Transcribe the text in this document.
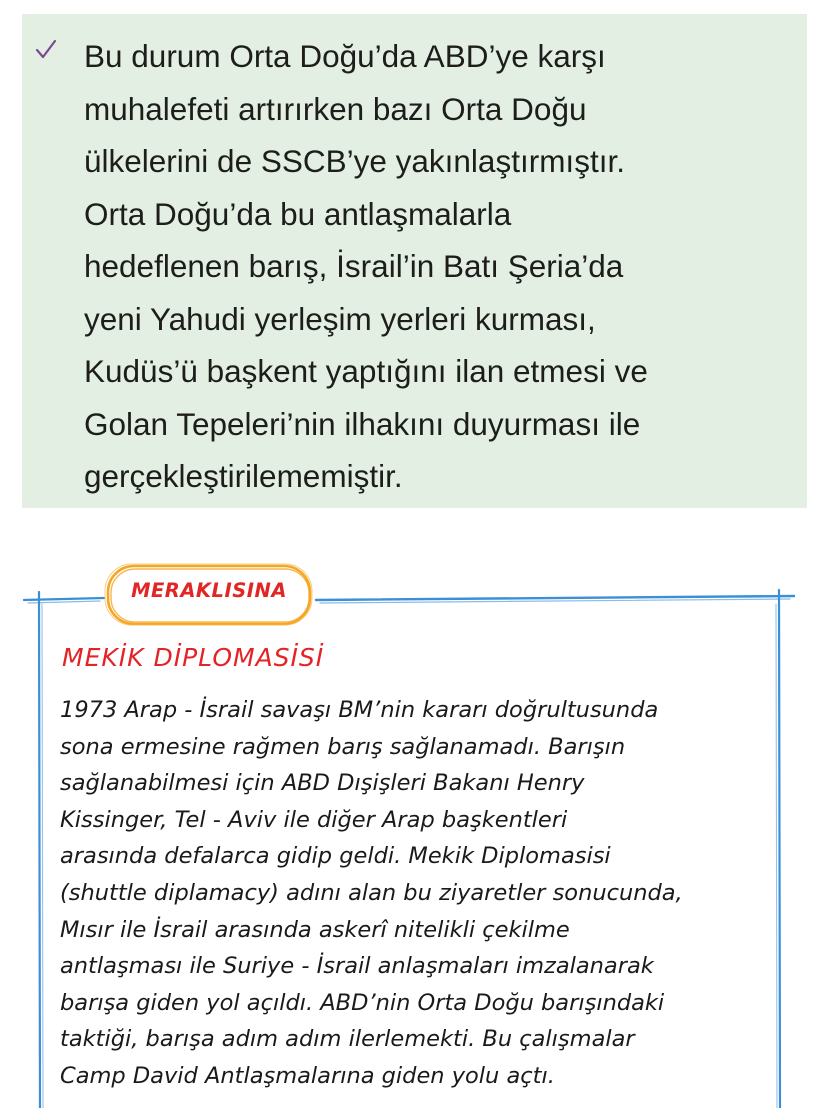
Bu durum Orta Doğu’da ABD’ye karşı
muhalefeti artırırken bazı Orta Doğu
ülkelerini de SSCB’ye yakınlaştırmıştır.
Orta Doğu’da bu antlaşmalarla
hedeflenen barış, İsrail’in Batı Şeria’da
yeni Yahudi yerleşim yerleri kurması,
Kudüs’ü başkent yaptığını ilan etmesi ve
Golan Tepeleri’nin ilhakını duyurması ile
gerçekleştirilememiştir.
MERAKLISINA
MEKİK DİPLOMASİSİ
1973 Arap - İsrail savaşı BM’nin kararı doğrultusunda
sona ermesine rağmen barış sağlanamadı. Barışın
sağlanabilmesi için ABD Dışişleri Bakanı Henry
Kissinger, Tel - Aviv ile diğer Arap başkentleri
arasında defalarca gidip geldi. Mekik Diplomasisi
(shuttle diplamacy) adını alan bu ziyaretler sonucunda,
Mısır ile İsrail arasında askerî nitelikli çekilme
antlaşması ile Suriye - İsrail anlaşmaları imzalanarak
barışa giden yol açıldı. ABD’nin Orta Doğu barışındaki
taktiği, barışa adım adım ilerlemekti. Bu çalışmalar
Camp David Antlaşmalarına giden yolu açtı.
